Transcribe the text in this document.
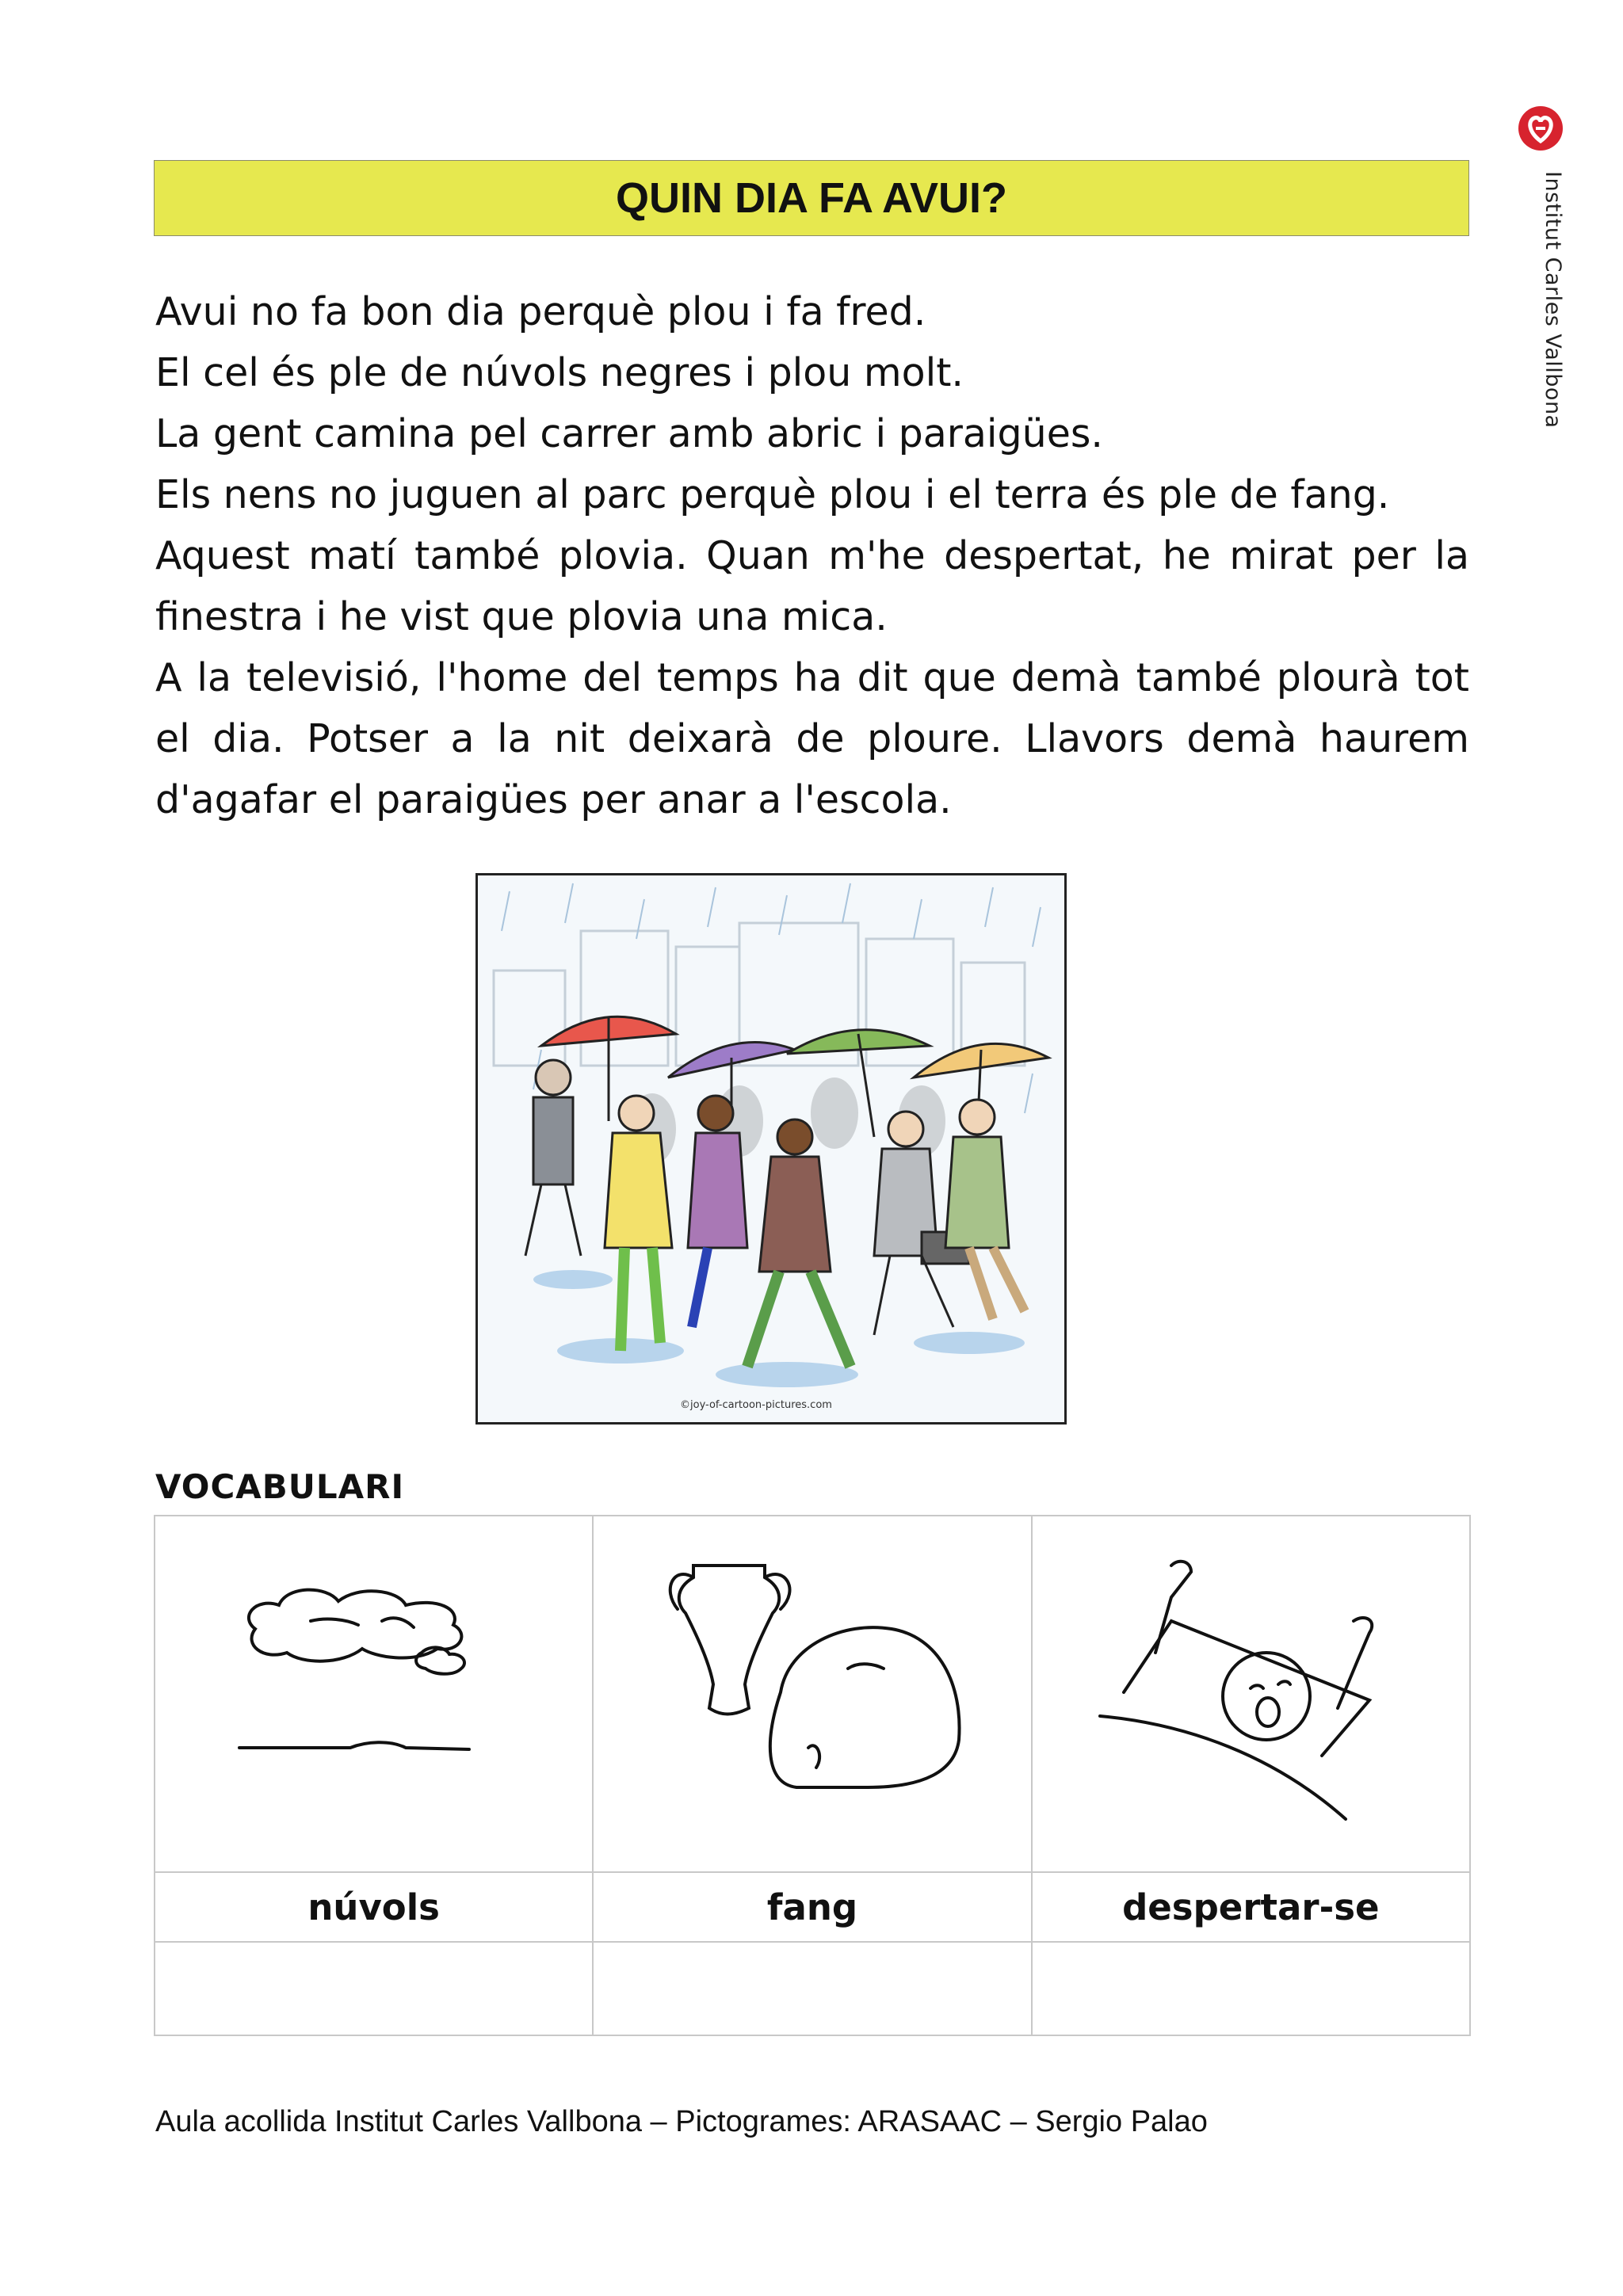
Institut Carles Vallbona
QUIN DIA FA AVUI?

Avui no fa bon dia perquè plou i fa fred.

El cel és ple de núvols negres i plou molt.

La gent camina pel carrer amb abric i paraigües.

Els nens no juguen al parc perquè plou i el terra és ple de fang.

Aquest matí també plovia. Quan m'he despertat, he mirat per la finestra i he vist que plovia una mica.

A la televisió, l'home del temps ha dit que demà també plourà tot el dia. Potser a la nit deixarà de ploure. Llavors demà haurem d'agafar el paraigües per anar a l'escola.

©joy-of-cartoon-pictures.com
VOCABULARI

núvols	fang	despertar-se

Aula acollida Institut Carles Vallbona – Pictogrames: ARASAAC – Sergio Palao
